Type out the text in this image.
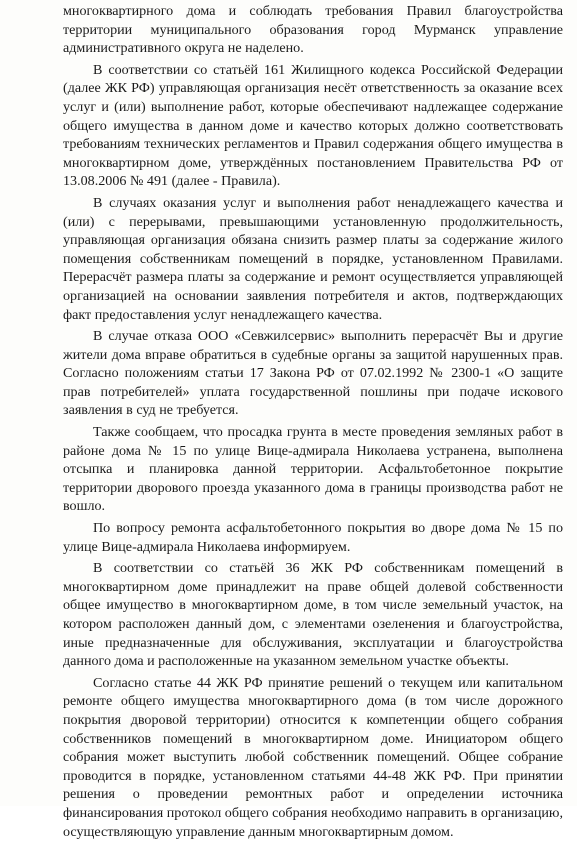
многоквартирного дома и соблюдать требования Правил благоустройства территории муниципального образования город Мурманск управление административного округа не наделено.

В соответствии со статьёй 161 Жилищного кодекса Российской Федерации (далее ЖК РФ) управляющая организация несёт ответственность за оказание всех услуг и (или) выполнение работ, которые обеспечивают надлежащее содержание общего имущества в данном доме и качество которых должно соответствовать требованиям технических регламентов и Правил содержания общего имущества в многоквартирном доме, утверждённых постановлением Правительства РФ от 13.08.2006 № 491 (далее - Правила).

В случаях оказания услуг и выполнения работ ненадлежащего качества и (или) с перерывами, превышающими установленную продолжительность, управляющая организация обязана снизить размер платы за содержание жилого помещения собственникам помещений в порядке, установленном Правилами. Перерасчёт размера платы за содержание и ремонт осуществляется управляющей организацией на основании заявления потребителя и актов, подтверждающих факт предоставления услуг ненадлежащего качества.

В случае отказа ООО «Севжилсервис» выполнить перерасчёт Вы и другие жители дома вправе обратиться в судебные органы за защитой нарушенных прав. Согласно положениям статьи 17 Закона РФ от 07.02.1992 № 2300-1 «О защите прав потребителей» уплата государственной пошлины при подаче искового заявления в суд не требуется.

Также сообщаем, что просадка грунта в месте проведения земляных работ в районе дома № 15 по улице Вице-адмирала Николаева устранена, выполнена отсыпка и планировка данной территории. Асфальтобетонное покрытие территории дворового проезда указанного дома в границы производства работ не вошло.

По вопросу ремонта асфальтобетонного покрытия во дворе дома № 15 по улице Вице-адмирала Николаева информируем.

В соответствии со статьёй 36 ЖК РФ собственникам помещений в многоквартирном доме принадлежит на праве общей долевой собственности общее имущество в многоквартирном доме, в том числе земельный участок, на котором расположен данный дом, с элементами озеленения и благоустройства, иные предназначенные для обслуживания, эксплуатации и благоустройства данного дома и расположенные на указанном земельном участке объекты.

Согласно статье 44 ЖК РФ принятие решений о текущем или капитальном ремонте общего имущества многоквартирного дома (в том числе дорожного покрытия дворовой территории) относится к компетенции общего собрания собственников помещений в многоквартирном доме. Инициатором общего собрания может выступить любой собственник помещений. Общее собрание проводится в порядке, установленном статьями 44-48 ЖК РФ. При принятии решения о проведении ремонтных работ и определении источника финансирования протокол общего собрания необходимо направить в организацию, осуществляющую управление данным многоквартирным домом.
